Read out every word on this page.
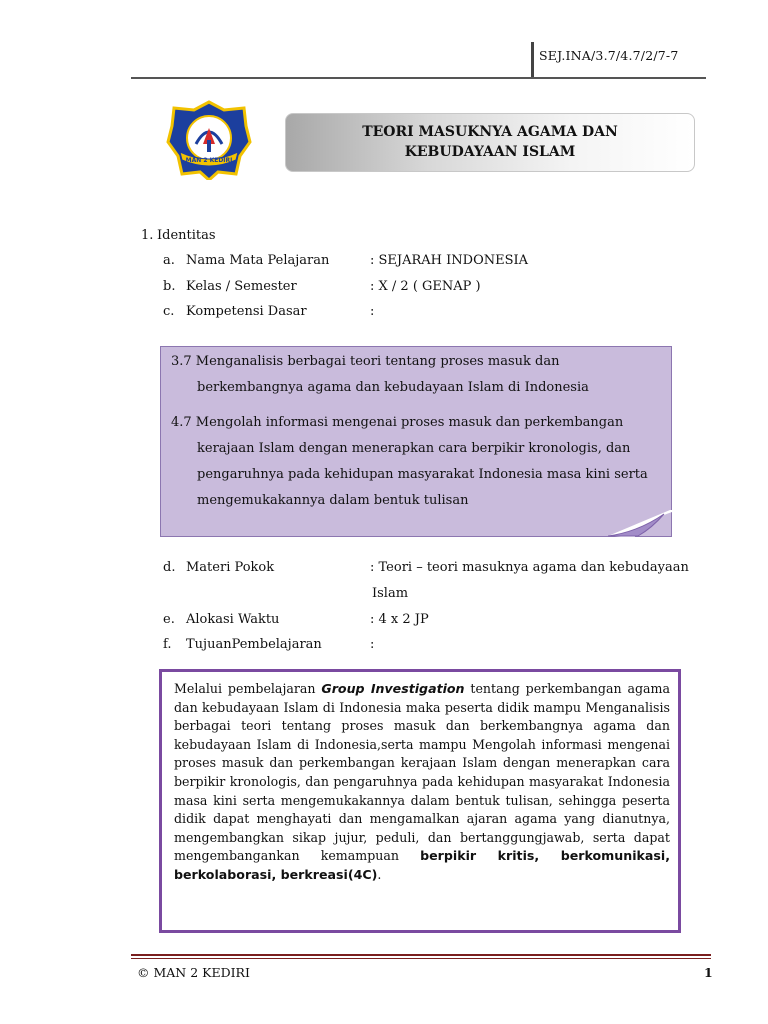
SEJ.INA/3.7/4.7/2/7-7
MAN 2 KEDIRI
TEORI MASUKNYA AGAMA DAN
KEBUDAYAAN ISLAM
1. Identitas
a. Nama Mata Pelajaran	: SEJARAH INDONESIA
b. Kelas / Semester	: X / 2 ( GENAP )
c. Kompetensi Dasar	:
3.7 Menganalisis berbagai teori tentang proses masuk dan
berkembangnya agama dan kebudayaan Islam di Indonesia
4.7 Mengolah informasi mengenai proses masuk dan perkembangan
kerajaan Islam dengan menerapkan cara berpikir kronologis, dan
pengaruhnya pada kehidupan masyarakat Indonesia masa kini serta
mengemukakannya dalam bentuk tulisan
d. Materi Pokok	: Teori – teori masuknya agama dan kebudayaan
Islam
e. Alokasi Waktu	: 4 x 2 JP
f. TujuanPembelajaran	:
Melalui pembelajaran Group Investigation tentang perkembangan agama dan kebudayaan Islam di Indonesia maka peserta didik mampu Menganalisis berbagai teori tentang proses masuk dan berkembangnya agama dan kebudayaan Islam di Indonesia,serta mampu Mengolah informasi mengenai proses masuk dan perkembangan kerajaan Islam dengan menerapkan cara berpikir kronologis, dan pengaruhnya pada kehidupan masyarakat Indonesia masa kini serta mengemukakannya dalam bentuk tulisan, sehingga peserta didik dapat menghayati dan mengamalkan ajaran agama yang dianutnya, mengembangkan sikap jujur, peduli, dan bertanggungjawab, serta dapat mengembangankan kemampuan berpikir kritis, berkomunikasi, berkolaborasi, berkreasi(4C).
© MAN 2 KEDIRI	1
